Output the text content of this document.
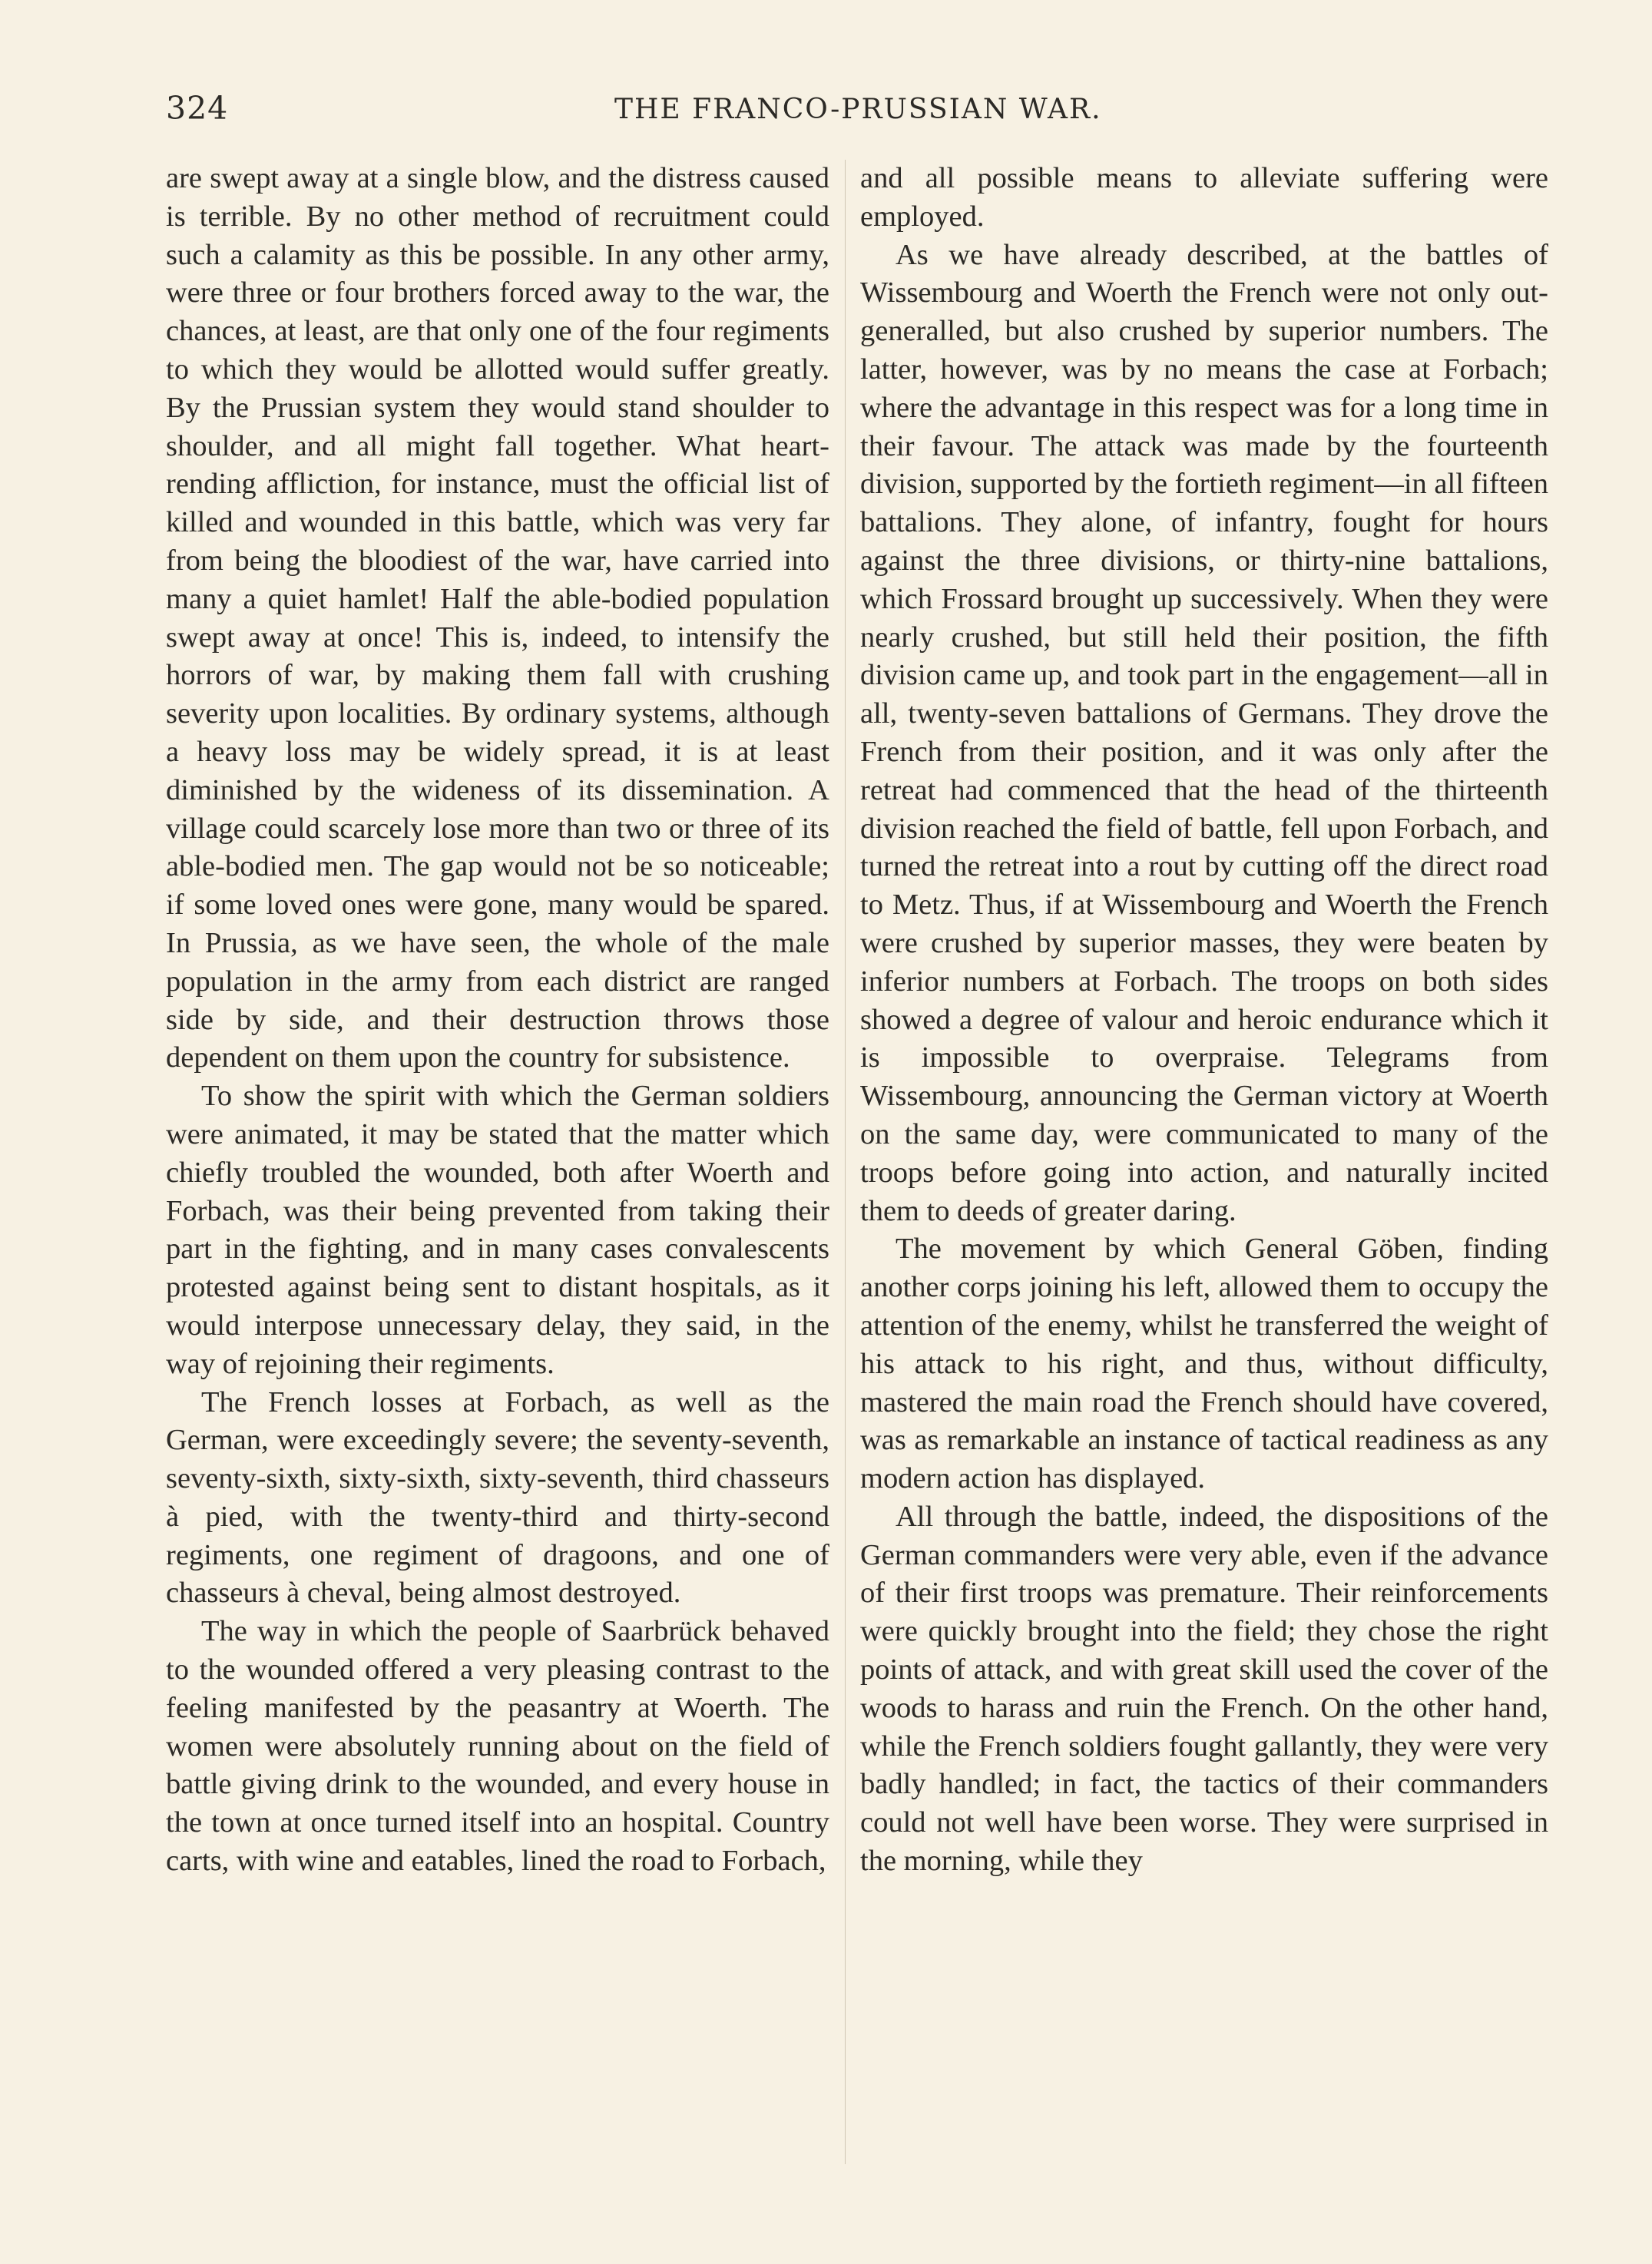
324	THE FRANCO-PRUSSIAN WAR.

are swept away at a single blow, and the distress caused is terrible. By no other method of recruitment could such a calamity as this be possible. In any other army, were three or four brothers forced away to the war, the chances, at least, are that only one of the four regiments to which they would be allotted would suffer greatly. By the Prussian system they would stand shoulder to shoulder, and all might fall together. What heart-rending affliction, for instance, must the official list of killed and wounded in this battle, which was very far from being the bloodiest of the war, have carried into many a quiet hamlet! Half the able-bodied population swept away at once! This is, indeed, to intensify the horrors of war, by making them fall with crushing severity upon localities. By ordinary systems, although a heavy loss may be widely spread, it is at least diminished by the wideness of its dissemination. A village could scarcely lose more than two or three of its able-bodied men. The gap would not be so noticeable; if some loved ones were gone, many would be spared. In Prussia, as we have seen, the whole of the male population in the army from each district are ranged side by side, and their destruction throws those dependent on them upon the country for subsistence.

To show the spirit with which the German soldiers were animated, it may be stated that the matter which chiefly troubled the wounded, both after Woerth and Forbach, was their being prevented from taking their part in the fighting, and in many cases convalescents protested against being sent to distant hospitals, as it would interpose unnecessary delay, they said, in the way of rejoining their regiments.

The French losses at Forbach, as well as the German, were exceedingly severe; the seventy-seventh, seventy-sixth, sixty-sixth, sixty-seventh, third chasseurs à pied, with the twenty-third and thirty-second regiments, one regiment of dragoons, and one of chasseurs à cheval, being almost destroyed.

The way in which the people of Saarbrück behaved to the wounded offered a very pleasing contrast to the feeling manifested by the peasantry at Woerth. The women were absolutely running about on the field of battle giving drink to the wounded, and every house in the town at once turned itself into an hospital. Country carts, with wine and eatables, lined the road to Forbach,

and all possible means to alleviate suffering were employed.

As we have already described, at the battles of Wissembourg and Woerth the French were not only out-generalled, but also crushed by superior numbers. The latter, however, was by no means the case at Forbach; where the advantage in this respect was for a long time in their favour. The attack was made by the fourteenth division, supported by the fortieth regiment—in all fifteen battalions. They alone, of infantry, fought for hours against the three divisions, or thirty-nine battalions, which Frossard brought up successively. When they were nearly crushed, but still held their position, the fifth division came up, and took part in the engagement—all in all, twenty-seven battalions of Germans. They drove the French from their position, and it was only after the retreat had commenced that the head of the thirteenth division reached the field of battle, fell upon Forbach, and turned the retreat into a rout by cutting off the direct road to Metz. Thus, if at Wissembourg and Woerth the French were crushed by superior masses, they were beaten by inferior numbers at Forbach. The troops on both sides showed a degree of valour and heroic endurance which it is impossible to overpraise. Telegrams from Wissembourg, announcing the German victory at Woerth on the same day, were communicated to many of the troops before going into action, and naturally incited them to deeds of greater daring.

The movement by which General Göben, finding another corps joining his left, allowed them to occupy the attention of the enemy, whilst he transferred the weight of his attack to his right, and thus, without difficulty, mastered the main road the French should have covered, was as remarkable an instance of tactical readiness as any modern action has displayed.

All through the battle, indeed, the dispositions of the German commanders were very able, even if the advance of their first troops was premature. Their reinforcements were quickly brought into the field; they chose the right points of attack, and with great skill used the cover of the woods to harass and ruin the French. On the other hand, while the French soldiers fought gallantly, they were very badly handled; in fact, the tactics of their commanders could not well have been worse. They were surprised in the morning, while they
